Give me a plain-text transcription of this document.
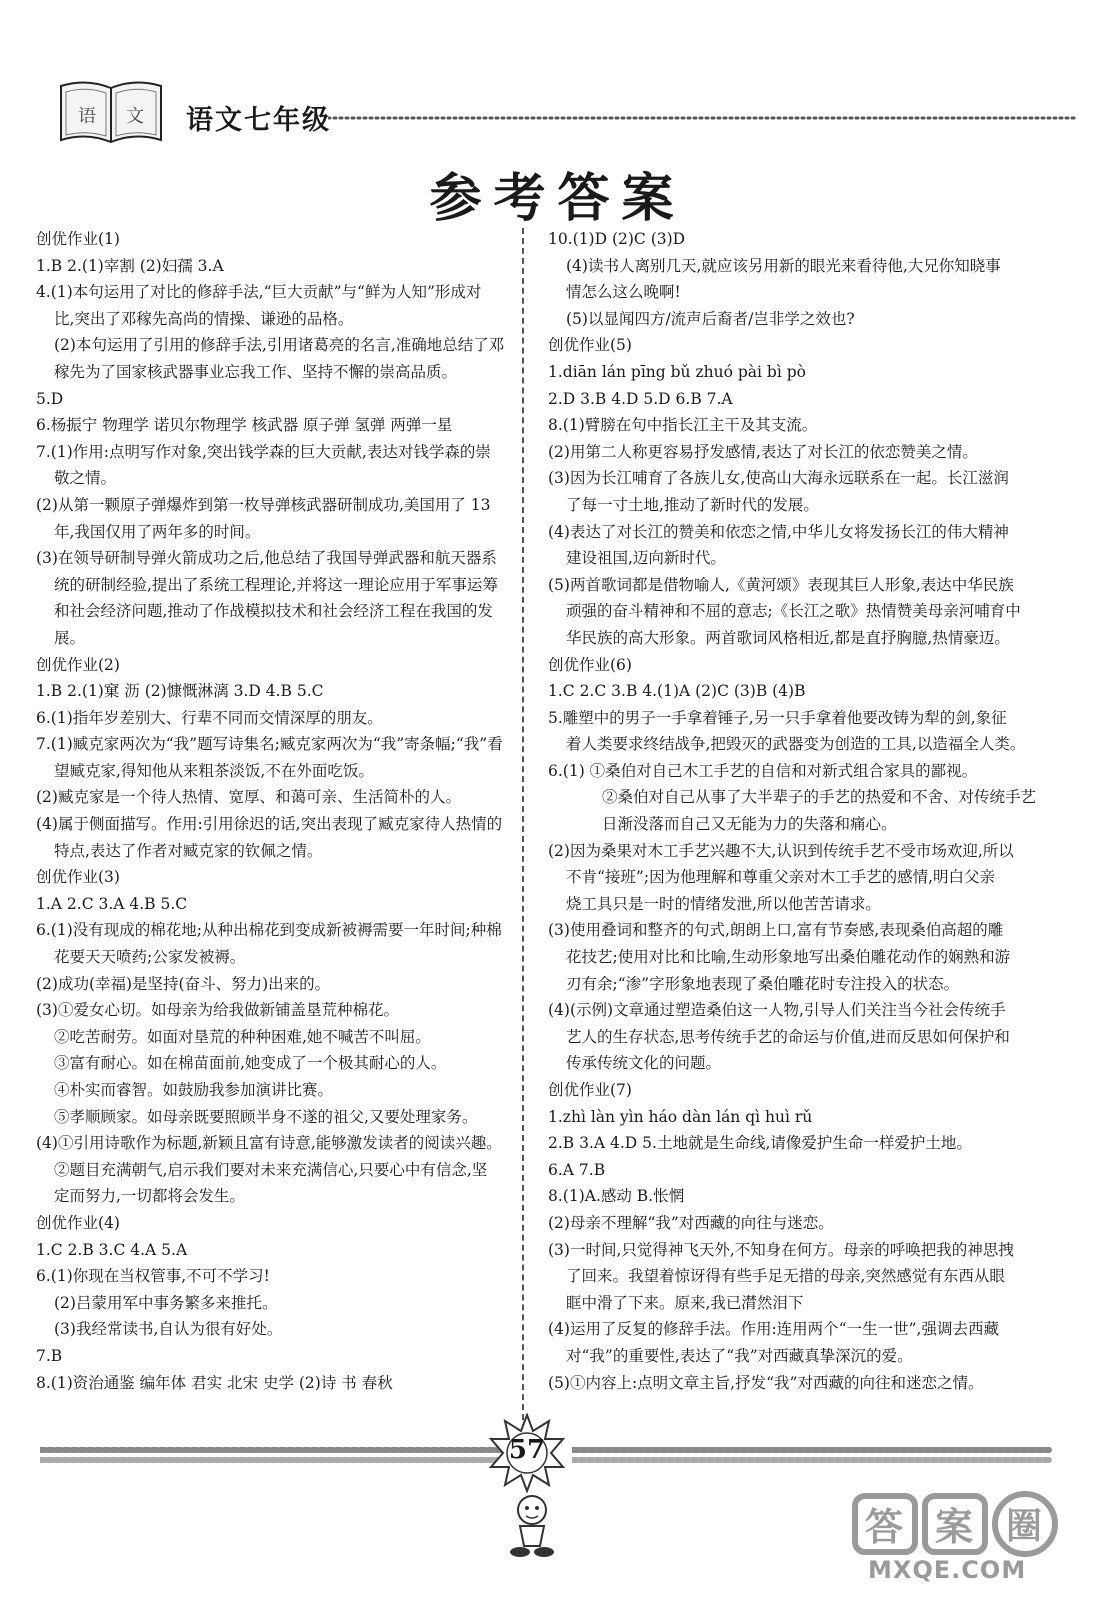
语 文 语文七年级
参考答案

创优作业(1)

1.B 2.(1)宰割 (2)妇孺 3.A

4.(1)本句运用了对比的修辞手法,“巨大贡献”与“鲜为人知”形成对

比,突出了邓稼先高尚的情操、谦逊的品格。

(2)本句运用了引用的修辞手法,引用诸葛亮的名言,准确地总结了邓

稼先为了国家核武器事业忘我工作、坚持不懈的崇高品质。

5.D

6.杨振宁 物理学 诺贝尔物理学 核武器 原子弹 氢弹 两弹一星

7.(1)作用:点明写作对象,突出钱学森的巨大贡献,表达对钱学森的崇

敬之情。

(2)从第一颗原子弹爆炸到第一枚导弹核武器研制成功,美国用了 13

年,我国仅用了两年多的时间。

(3)在领导研制导弹火箭成功之后,他总结了我国导弹武器和航天器系

统的研制经验,提出了系统工程理论,并将这一理论应用于军事运筹

和社会经济问题,推动了作战模拟技术和社会经济工程在我国的发

展。

创优作业(2)

1.B 2.(1)窠 沥 (2)慷慨淋漓 3.D 4.B 5.C

6.(1)指年岁差别大、行辈不同而交情深厚的朋友。

7.(1)臧克家两次为“我”题写诗集名;臧克家两次为“我”寄条幅;“我”看

望臧克家,得知他从来粗茶淡饭,不在外面吃饭。

(2)臧克家是一个待人热情、宽厚、和蔼可亲、生活简朴的人。

(4)属于侧面描写。作用:引用徐迟的话,突出表现了臧克家待人热情的

特点,表达了作者对臧克家的钦佩之情。

创优作业(3)

1.A 2.C 3.A 4.B 5.C

6.(1)没有现成的棉花地;从种出棉花到变成新被褥需要一年时间;种棉

花要天天喷药;公家发被褥。

(2)成功(幸福)是坚持(奋斗、努力)出来的。

(3)①爱女心切。如母亲为给我做新铺盖垦荒种棉花。

②吃苦耐劳。如面对垦荒的种种困难,她不喊苦不叫屈。

③富有耐心。如在棉苗面前,她变成了一个极其耐心的人。

④朴实而睿智。如鼓励我参加演讲比赛。

⑤孝顺顾家。如母亲既要照顾半身不遂的祖父,又要处理家务。

(4)①引用诗歌作为标题,新颖且富有诗意,能够激发读者的阅读兴趣。

②题目充满朝气,启示我们要对未来充满信心,只要心中有信念,坚

定而努力,一切都将会发生。

创优作业(4)

1.C 2.B 3.C 4.A 5.A

6.(1)你现在当权管事,不可不学习!

(2)吕蒙用军中事务繁多来推托。

(3)我经常读书,自认为很有好处。

7.B

8.(1)资治通鉴 编年体 君实 北宋 史学 (2)诗 书 春秋

10.(1)D (2)C (3)D

(4)读书人离别几天,就应该另用新的眼光来看待他,大兄你知晓事

情怎么这么晚啊!

(5)以显闻四方/流声后裔者/岂非学之效也?

创优作业(5)

1.diān lán pīng bǔ zhuó pài bì pò

2.D 3.B 4.D 5.D 6.B 7.A

8.(1)臂膀在句中指长江主干及其支流。

(2)用第二人称更容易抒发感情,表达了对长江的依恋赞美之情。

(3)因为长江哺育了各族儿女,使高山大海永远联系在一起。长江滋润

了每一寸土地,推动了新时代的发展。

(4)表达了对长江的赞美和依恋之情,中华儿女将发扬长江的伟大精神

建设祖国,迈向新时代。

(5)两首歌词都是借物喻人,《黄河颂》表现其巨人形象,表达中华民族

顽强的奋斗精神和不屈的意志;《长江之歌》热情赞美母亲河哺育中

华民族的高大形象。两首歌词风格相近,都是直抒胸臆,热情豪迈。

创优作业(6)

1.C 2.C 3.B 4.(1)A (2)C (3)B (4)B

5.雕塑中的男子一手拿着锤子,另一只手拿着他要改铸为犁的剑,象征

着人类要求终结战争,把毁灭的武器变为创造的工具,以造福全人类。

6.(1) ①桑伯对自己木工手艺的自信和对新式组合家具的鄙视。

②桑伯对自己从事了大半辈子的手艺的热爱和不舍、对传统手艺

日渐没落而自己又无能为力的失落和痛心。

(2)因为桑果对木工手艺兴趣不大,认识到传统手艺不受市场欢迎,所以

不肯“接班”;因为他理解和尊重父亲对木工手艺的感情,明白父亲

烧工具只是一时的情绪发泄,所以他苦苦请求。

(3)使用叠词和整齐的句式,朗朗上口,富有节奏感,表现桑伯高超的雕

花技艺;使用对比和比喻,生动形象地写出桑伯雕花动作的娴熟和游

刃有余;“渗”字形象地表现了桑伯雕花时专注投入的状态。

(4)(示例)文章通过塑造桑伯这一人物,引导人们关注当今社会传统手

艺人的生存状态,思考传统手艺的命运与价值,进而反思如何保护和

传承传统文化的问题。

创优作业(7)

1.zhì làn yìn háo dàn lán qì huì rǔ

2.B 3.A 4.D 5.土地就是生命线,请像爱护生命一样爱护土地。

6.A 7.B

8.(1)A.感动 B.怅惘

(2)母亲不理解“我”对西藏的向往与迷恋。

(3)一时间,只觉得神飞天外,不知身在何方。母亲的呼唤把我的神思拽

了回来。我望着惊讶得有些手足无措的母亲,突然感觉有东西从眼

眶中滑了下来。原来,我已潸然泪下

(4)运用了反复的修辞手法。作用:连用两个“一生一世”,强调去西藏

对“我”的重要性,表达了“我”对西藏真挚深沉的爱。

(5)①内容上:点明文章主旨,抒发“我”对西藏的向往和迷恋之情。

57
答 案 圈
MXQE.COM
